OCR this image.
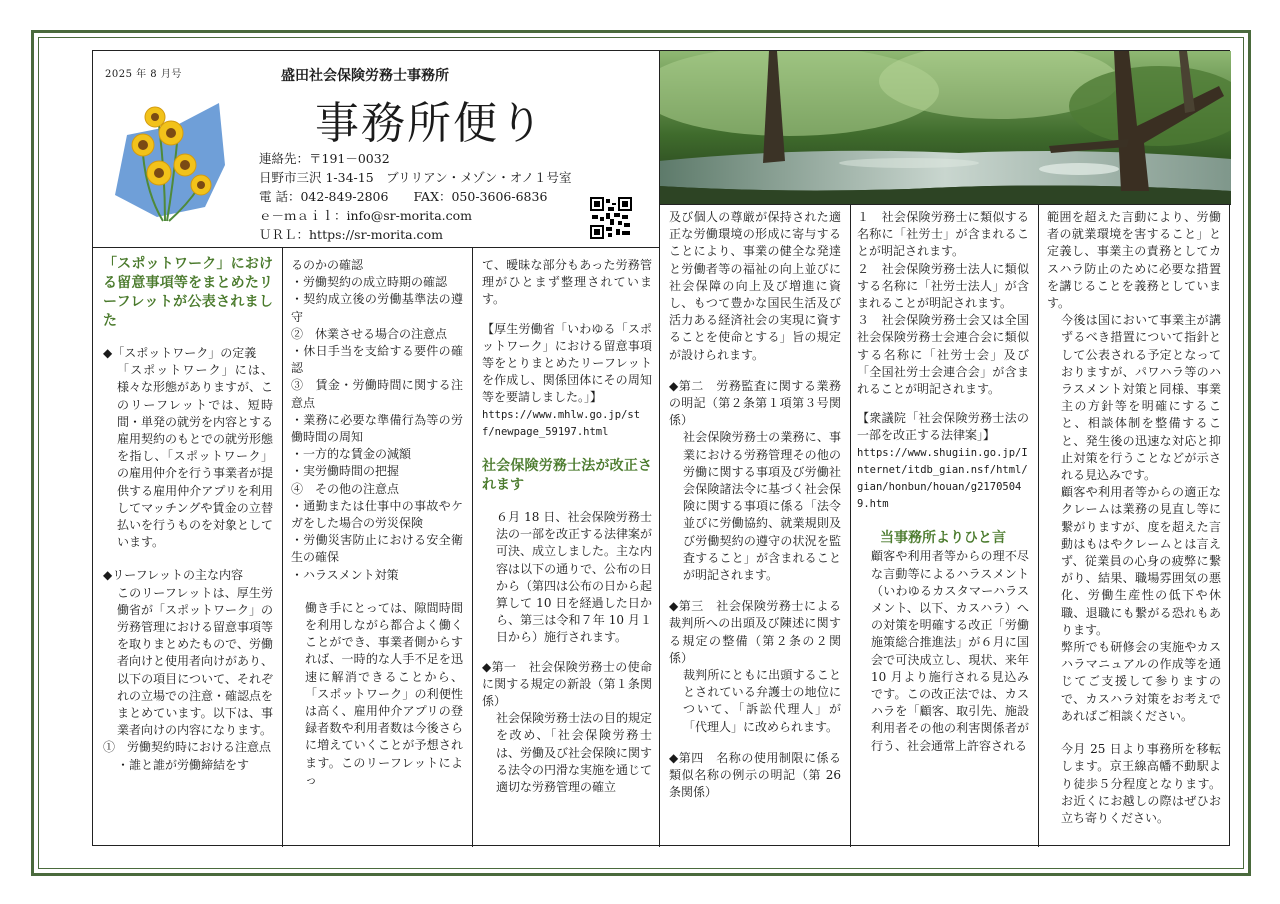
2025 年 8 月号	盛田社会保険労務士事務所
事務所便り
連絡先：〒191－0032
日野市三沢 1-34-15　ブリリアン・メゾン・オノ１号室
電 話：042-849-2806　　FAX：050-3606-6836
ｅ－ｍａｉｌ：info@sr-morita.com
ＵＲＬ：https://sr-morita.com

「スポットワーク」における留意事項等をまとめたリーフレットが公表されました

◆「スポットワーク」の定義

「スポットワーク」には、様々な形態がありますが、このリーフレットでは、短時間・単発の就労を内容とする雇用契約のもとでの就労形態を指し、「スポットワーク」の雇用仲介を行う事業者が提供する雇用仲介アプリを利用してマッチングや賃金の立替払いを行うものを対象としています。

◆リーフレットの主な内容

このリーフレットは、厚生労働省が「スポットワーク」の労務管理における留意事項等を取りまとめたもので、労働者向けと使用者向けがあり、以下の項目について、それぞれの立場での注意・確認点をまとめています。以下は、事業者向けの内容になります。

①　労働契約時における注意点

・誰と誰が労働締結をす

るのかの確認

・労働契約の成立時期の確認

・契約成立後の労働基準法の遵守

②　休業させる場合の注意点

・休日手当を支給する要件の確認

③　賃金・労働時間に関する注意点

・業務に必要な準備行為等の労働時間の周知

・一方的な賃金の減額

・実労働時間の把握

④　その他の注意点

・通勤または仕事中の事故やケガをした場合の労災保険

・労働災害防止における安全衛生の確保

・ハラスメント対策

働き手にとっては、隙間時間を利用しながら都合よく働くことができ、事業者側からすれば、一時的な人手不足を迅速に解消できることから、「スポットワーク」の利便性は高く、雇用仲介アプリの登録者数や利用者数は今後さらに増えていくことが予想されます。このリーフレットによっ

て、曖昧な部分もあった労務管理がひとまず整理されています。

【厚生労働省「いわゆる「スポットワーク」における留意事項等をとりまとめたリーフレットを作成し、関係団体にその周知等を要請しました。」】

https://www.mhlw.go.jp/stf/newpage_59197.html

社会保険労務士法が改正されます

６月 18 日、社会保険労務士法の一部を改正する法律案が可決、成立しました。主な内容は以下の通りで、公布の日から（第四は公布の日から起算して 10 日を経過した日から、第三は令和７年 10 月１日から）施行されます。

◆第一　社会保険労務士の使命に関する規定の新設（第１条関係）

社会保険労務士法の目的規定を改め、「社会保険労務士は、労働及び社会保険に関する法令の円滑な実施を通じて適切な労務管理の確立

及び個人の尊厳が保持された適正な労働環境の形成に寄与することにより、事業の健全な発達と労働者等の福祉の向上並びに社会保障の向上及び増進に資し、もつて豊かな国民生活及び活力ある経済社会の実現に資することを使命とする」旨の規定が設けられます。

◆第二　労務監査に関する業務の明記（第２条第１項第３号関係）

社会保険労務士の業務に、事業における労務管理その他の労働に関する事項及び労働社会保険諸法令に基づく社会保険に関する事項に係る「法令並びに労働協約、就業規則及び労働契約の遵守の状況を監査すること」が含まれることが明記されます。

◆第三　社会保険労務士による裁判所への出頭及び陳述に関する規定の整備（第２条の２関係）

裁判所にともに出頭することとされている弁護士の地位について、「訴訟代理人」が「代理人」に改められます。

◆第四　名称の使用制限に係る類似名称の例示の明記（第 26 条関係）

１　社会保険労務士に類似する名称に「社労士」が含まれることが明記されます。

２　社会保険労務士法人に類似する名称に「社労士法人」が含まれることが明記されます。

３　社会保険労務士会又は全国社会保険労務士会連合会に類似する名称に「社労士会」及び「全国社労士会連合会」が含まれることが明記されます。

【衆議院「社会保険労務士法の一部を改正する法律案」】

https://www.shugiin.go.jp/Internet/itdb_gian.nsf/html/gian/honbun/houan/g21705049.htm

当事務所よりひと言

顧客や利用者等からの理不尽な言動等によるハラスメント（いわゆるカスタマーハラスメント、以下、カスハラ）への対策を明確する改正「労働施策総合推進法」が６月に国会で可決成立し、現状、来年 10 月より施行される見込みです。この改正法では、カスハラを「顧客、取引先、施設利用者その他の利害関係者が行う、社会通常上許容される

範囲を超えた言動により、労働者の就業環境を害すること」と定義し、事業主の責務としてカスハラ防止のために必要な措置を講じることを義務としています。

今後は国において事業主が講ずるべき措置について指針として公表される予定となっておりますが、パワハラ等のハラスメント対策と同様、事業主の方針等を明確にすること、相談体制を整備すること、発生後の迅速な対応と抑止対策を行うことなどが示される見込みです。

顧客や利用者等からの適正なクレームは業務の見直し等に繋がりますが、度を超えた言動はもはやクレームとは言えず、従業員の心身の疲弊に繋がり、結果、職場雰囲気の悪化、労働生産性の低下や休職、退職にも繋がる恐れもあります。

弊所でも研修会の実施やカスハラマニュアルの作成等を通じてご支援して参りますので、カスハラ対策をお考えであればご相談ください。

今月 25 日より事務所を移転します。京王線高幡不動駅より徒歩５分程度となります。お近くにお越しの際はぜひお立ち寄りください。
